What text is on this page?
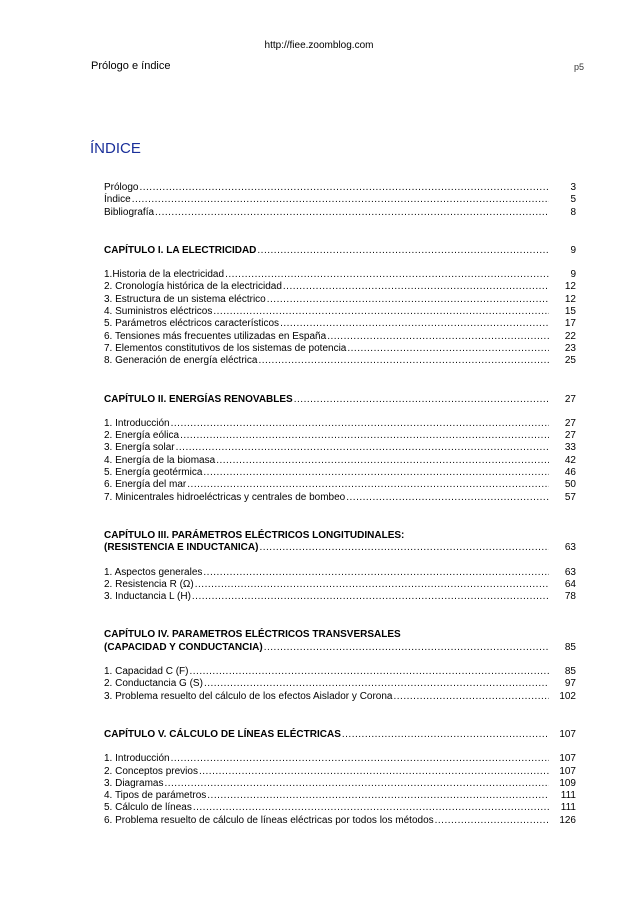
http://fiee.zoomblog.com
Prólogo e índice	p5
ÍNDICE
Prólogo .....	3
Índice .....	5
Bibliografía .....	8
CAPÍTULO I. LA ELECTRICIDAD .....	9
1.Historia de la electricidad .....	9
2. Cronología histórica de la electricidad .....	12
3. Estructura de un sistema eléctrico .....	12
4. Suministros eléctricos .....	15
5. Parámetros eléctricos característicos .....	17
6. Tensiones más frecuentes utilizadas en España .....	22
7. Elementos constitutivos de los sistemas de potencia .....	23
8. Generación de energía eléctrica .....	25
CAPÍTULO II. ENERGÍAS RENOVABLES .....	27
1. Introducción .....	27
2. Energía eólica .....	27
3. Energía solar .....	33
4. Energía de la biomasa .....	42
5. Energía geotérmica .....	46
6. Energía del mar .....	50
7. Minicentrales hidroeléctricas y centrales de bombeo .....	57
CAPÍTULO III. PARÁMETROS ELÉCTRICOS LONGITUDINALES:
(RESISTENCIA E INDUCTANICA) .....	63
1. Aspectos generales .....	63
2. Resistencia R (Ω) .....	64
3. Inductancia L (H) .....	78
CAPÍTULO IV. PARAMETROS ELÉCTRICOS TRANSVERSALES
(CAPACIDAD Y CONDUCTANCIA) .....	85
1. Capacidad C (F) .....	85
2. Conductancia G (S) .....	97
3. Problema resuelto del cálculo de los efectos Aislador y Corona .....	102
CAPÍTULO V. CÁLCULO DE LÍNEAS ELÉCTRICAS .....	107
1. Introducción .....	107
2. Conceptos previos .....	107
3. Diagramas .....	109
4. Tipos de parámetros .....	111
5. Cálculo de líneas .....	111
6. Problema resuelto de cálculo de líneas eléctricas por todos los métodos .....	126
